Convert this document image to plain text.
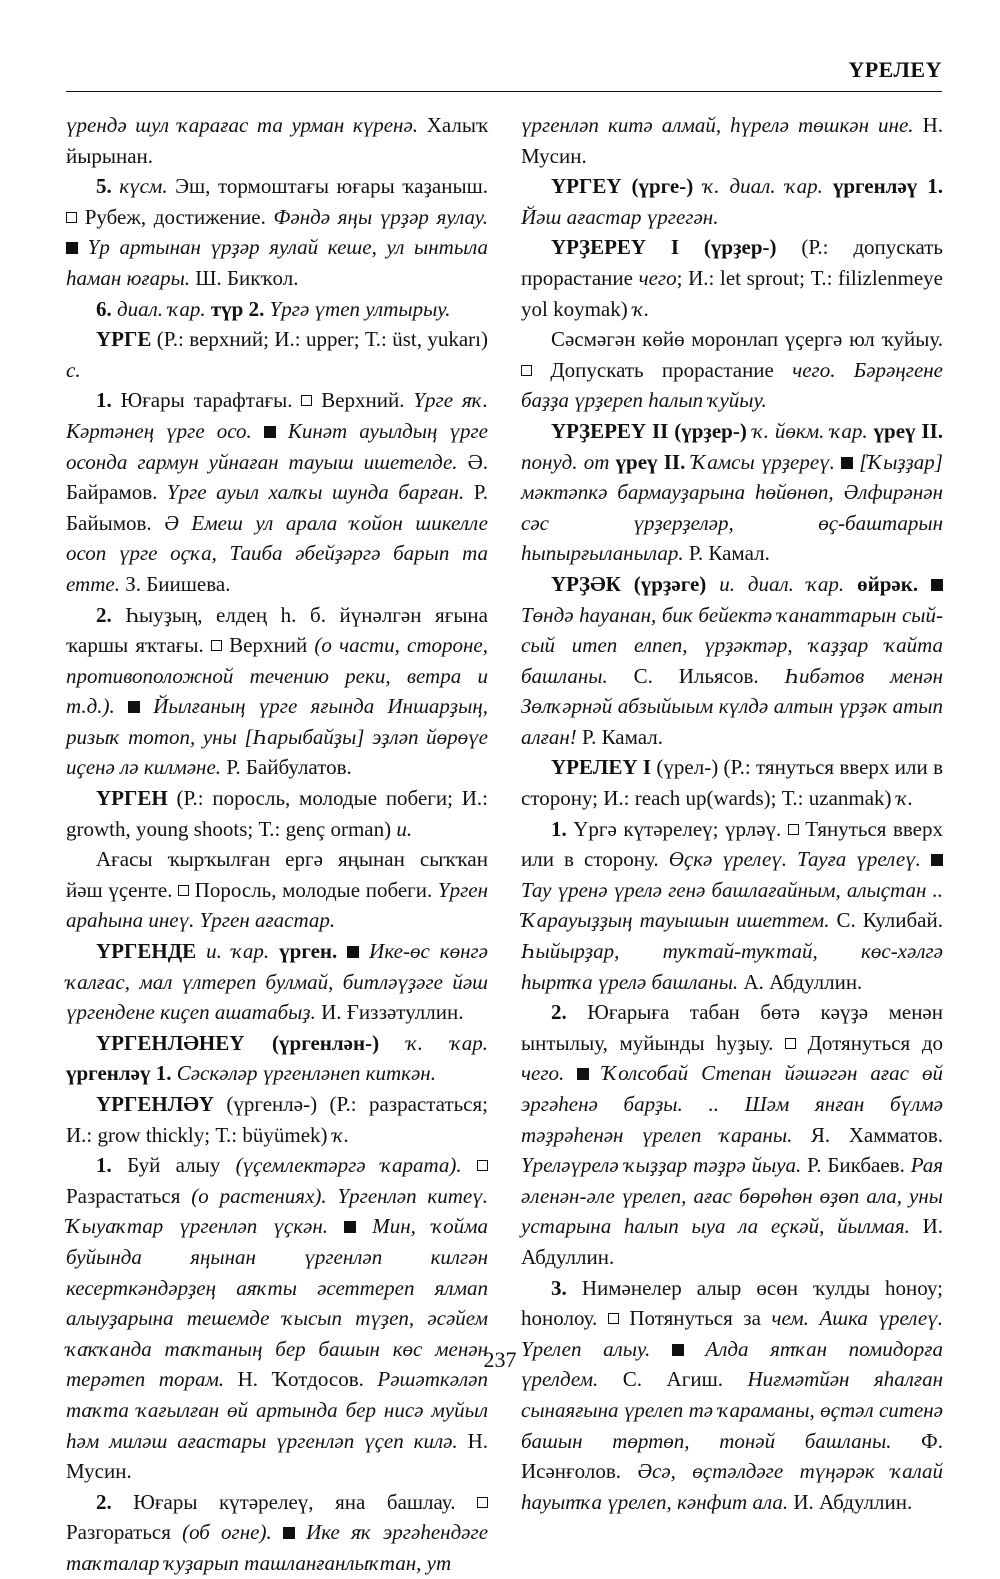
ҮРЕЛЕҮ

үрендә шул ҡарағас та урман күренә. Халыҡ йырынан.

5. күсм. Эш, тормоштағы юғары ҡаҙаныш.  Рубеж, достижение. Фәндә яңы үрҙәр яулау.  Үр артынан үрҙәр яулай кеше, ул ынтыла һаман юғары. Ш. Бикҡол.

6. диал. ҡар. түр 2. Үргә үтеп ултырыу.

ҮРГЕ (Р.: верхний; И.: upper; Т.: üst, yukarı) с.

1. Юғары тарафтағы.  Верхний. Үрге яҡ. Кәртәнең үрге осо.  Кинәт ауылдың үрге осонда гармун уйнаған тауыш ишетелде. Ә. Байрамов. Үрге ауыл халҡы шунда барған. Р. Байымов. Ә Емеш ул арала ҡойон шикелле осоп үрге оҫҡа, Таиба әбейҙәргә барып та етте. З. Биишева.

2. Һыуҙың, елдең һ. б. йүнәлгән яғына ҡаршы яҡтағы.  Верхний (о части, стороне, противоположной течению реки, ветра и т.д.).  Йылғаның үрге яғында Иншарҙың, ризыҡ тотоп, уны [Һарыбайҙы] эҙләп йөрөүе иҫенә лә килмәне. Р. Байбулатов.

ҮРГЕН (Р.: поросль, молодые побеги; И.: growth, young shoots; Т.: genç orman) и.

Ағасы ҡырҡылған ергә яңынан сыҡҡан йәш үҫенте.  Поросль, молодые побеги. Үрген араһына инеү. Үрген ағастар.

ҮРГЕНДЕ и. ҡар. үрген.  Ике-өс көнгә ҡалғас, мал үлтереп булмай, битләүҙәге йәш үргендене киҫеп ашатабыҙ. И. Ғиззәтуллин.

ҮРГЕНЛӘНЕҮ (үргенлән-) ҡ. ҡар. үргенләү 1. Сәскәләр үргенләнеп киткән.

ҮРГЕНЛӘҮ (үргенлә-) (Р.: разрастаться; И.: grow thickly; Т.: büyümek) ҡ.

1. Буй алыу (үҫемлектәргә ҡарата).  Разрастаться (о растениях). Үргенләп китеү. Ҡыуаҡтар үргенләп үҫкән.  Мин, ҡойма буйында яңынан үргенләп килгән кесерткәндәрҙең аяҡты әсеттереп ялмап алыуҙарына тешемде ҡысып түҙеп, әсәйем ҡаҡҡанда таҡтаның бер башын көс менән терәтеп торам. Н. Ҡотдосов. Рәшәткәләп таҡта ҡағылған өй артында бер нисә муйыл һәм миләш ағастары үргенләп үҫеп килә. Н. Мусин.

2. Юғары күтәрелеү, яна башлау.  Разгораться (об огне).  Ике яҡ эргәһендәге таҡталар ҡуҙарып ташланғанлыҡтан, ут

үргенләп китә алмай, һүрелә төшкән ине. Н. Мусин.

ҮРГЕҮ (үрге-) ҡ. диал. ҡар. үргенләү 1. Йәш ағастар үргегән.

ҮРҘЕРЕҮ I (үрҙер-) (Р.: допускать прорастание чего; И.: let sprout; Т.: filizlenmeye yol koymak) ҡ.

Сәсмәгән көйө моронлап үҫергә юл ҡуйыу.  Допускать прорастание чего. Бәрәңгене баҙҙа үрҙереп һалып ҡуйыу.

ҮРҘЕРЕҮ II (үрҙер-) ҡ. йөкм. ҡар. үреү II. понуд. от үреү II. Ҡамсы үрҙереү.  [Ҡыҙҙар] мәктәпкә бармауҙарына һөйөнөп, Әлфирәнән сәс үрҙерҙеләр, өҫ-баштарын һыпырғыланылар. Р. Камал.

ҮРҘӘК (үрҙәге) и. диал. ҡар. өйрәк.  Төндә һауанан, бик бейектә ҡанаттарын сый-сый итеп елпеп, үрҙәктәр, ҡаҙҙар ҡайта башланы. С. Ильясов. Һибәтов менән Зөлҡәрнәй абзыйыым күлдә алтын үрҙәк атып алған! Р. Камал.

ҮРЕЛЕҮ I (үрел-) (Р.: тянуться вверх или в сторону; И.: reach up(wards); Т.: uzanmak) ҡ.

1. Үргә күтәрелеү; үрләү.  Тянуться вверх или в сторону. Өҫкә үрелеү. Тауға үрелеү.  Тау үренә үрелә генә башлағайным, алыҫтан .. Ҡарауыҙҙың тауышын ишеттем. С. Кулибай. Һыйырҙар, туҡтай-туҡтай, көс-хәлгә һыртҡа үрелә башланы. А. Абдуллин.

2. Юғарыға табан бөтә кәүҙә менән ынтылыу, муйынды һуҙыу.  Дотянуться до чего.  Ҡолсобай Степан йәшәгән ағас өй эргәһенә барҙы. .. Шәм янған бүлмә тәҙрәһенән үрелеп ҡараны. Я. Хамматов. Үреләүрелә ҡыҙҙар тәҙрә йыуа. Р. Бикбаев. Рая әленән-әле үрелеп, ағас бөрөһөн өҙөп ала, уны устарына һалып ыуа ла еҫкәй, йылмая. И. Абдуллин.

3. Нимәнелер алыр өсөн ҡулды һоноу; һонолоу.  Потянуться за чем. Ашка үрелеү. Үрелеп алыу.  Алда ятҡан помидорға үрелдем. С. Агиш. Ниғмәтйән яһалған сынаяғына үрелеп тә ҡараманы, өҫтәл ситенә башын төртөп, тонәй башланы. Ф. Исәнғолов. Әсә, өҫтәлдәге түңәрәк ҡалай һауытҡа үрелеп, кәнфит ала. И. Абдуллин.

237
